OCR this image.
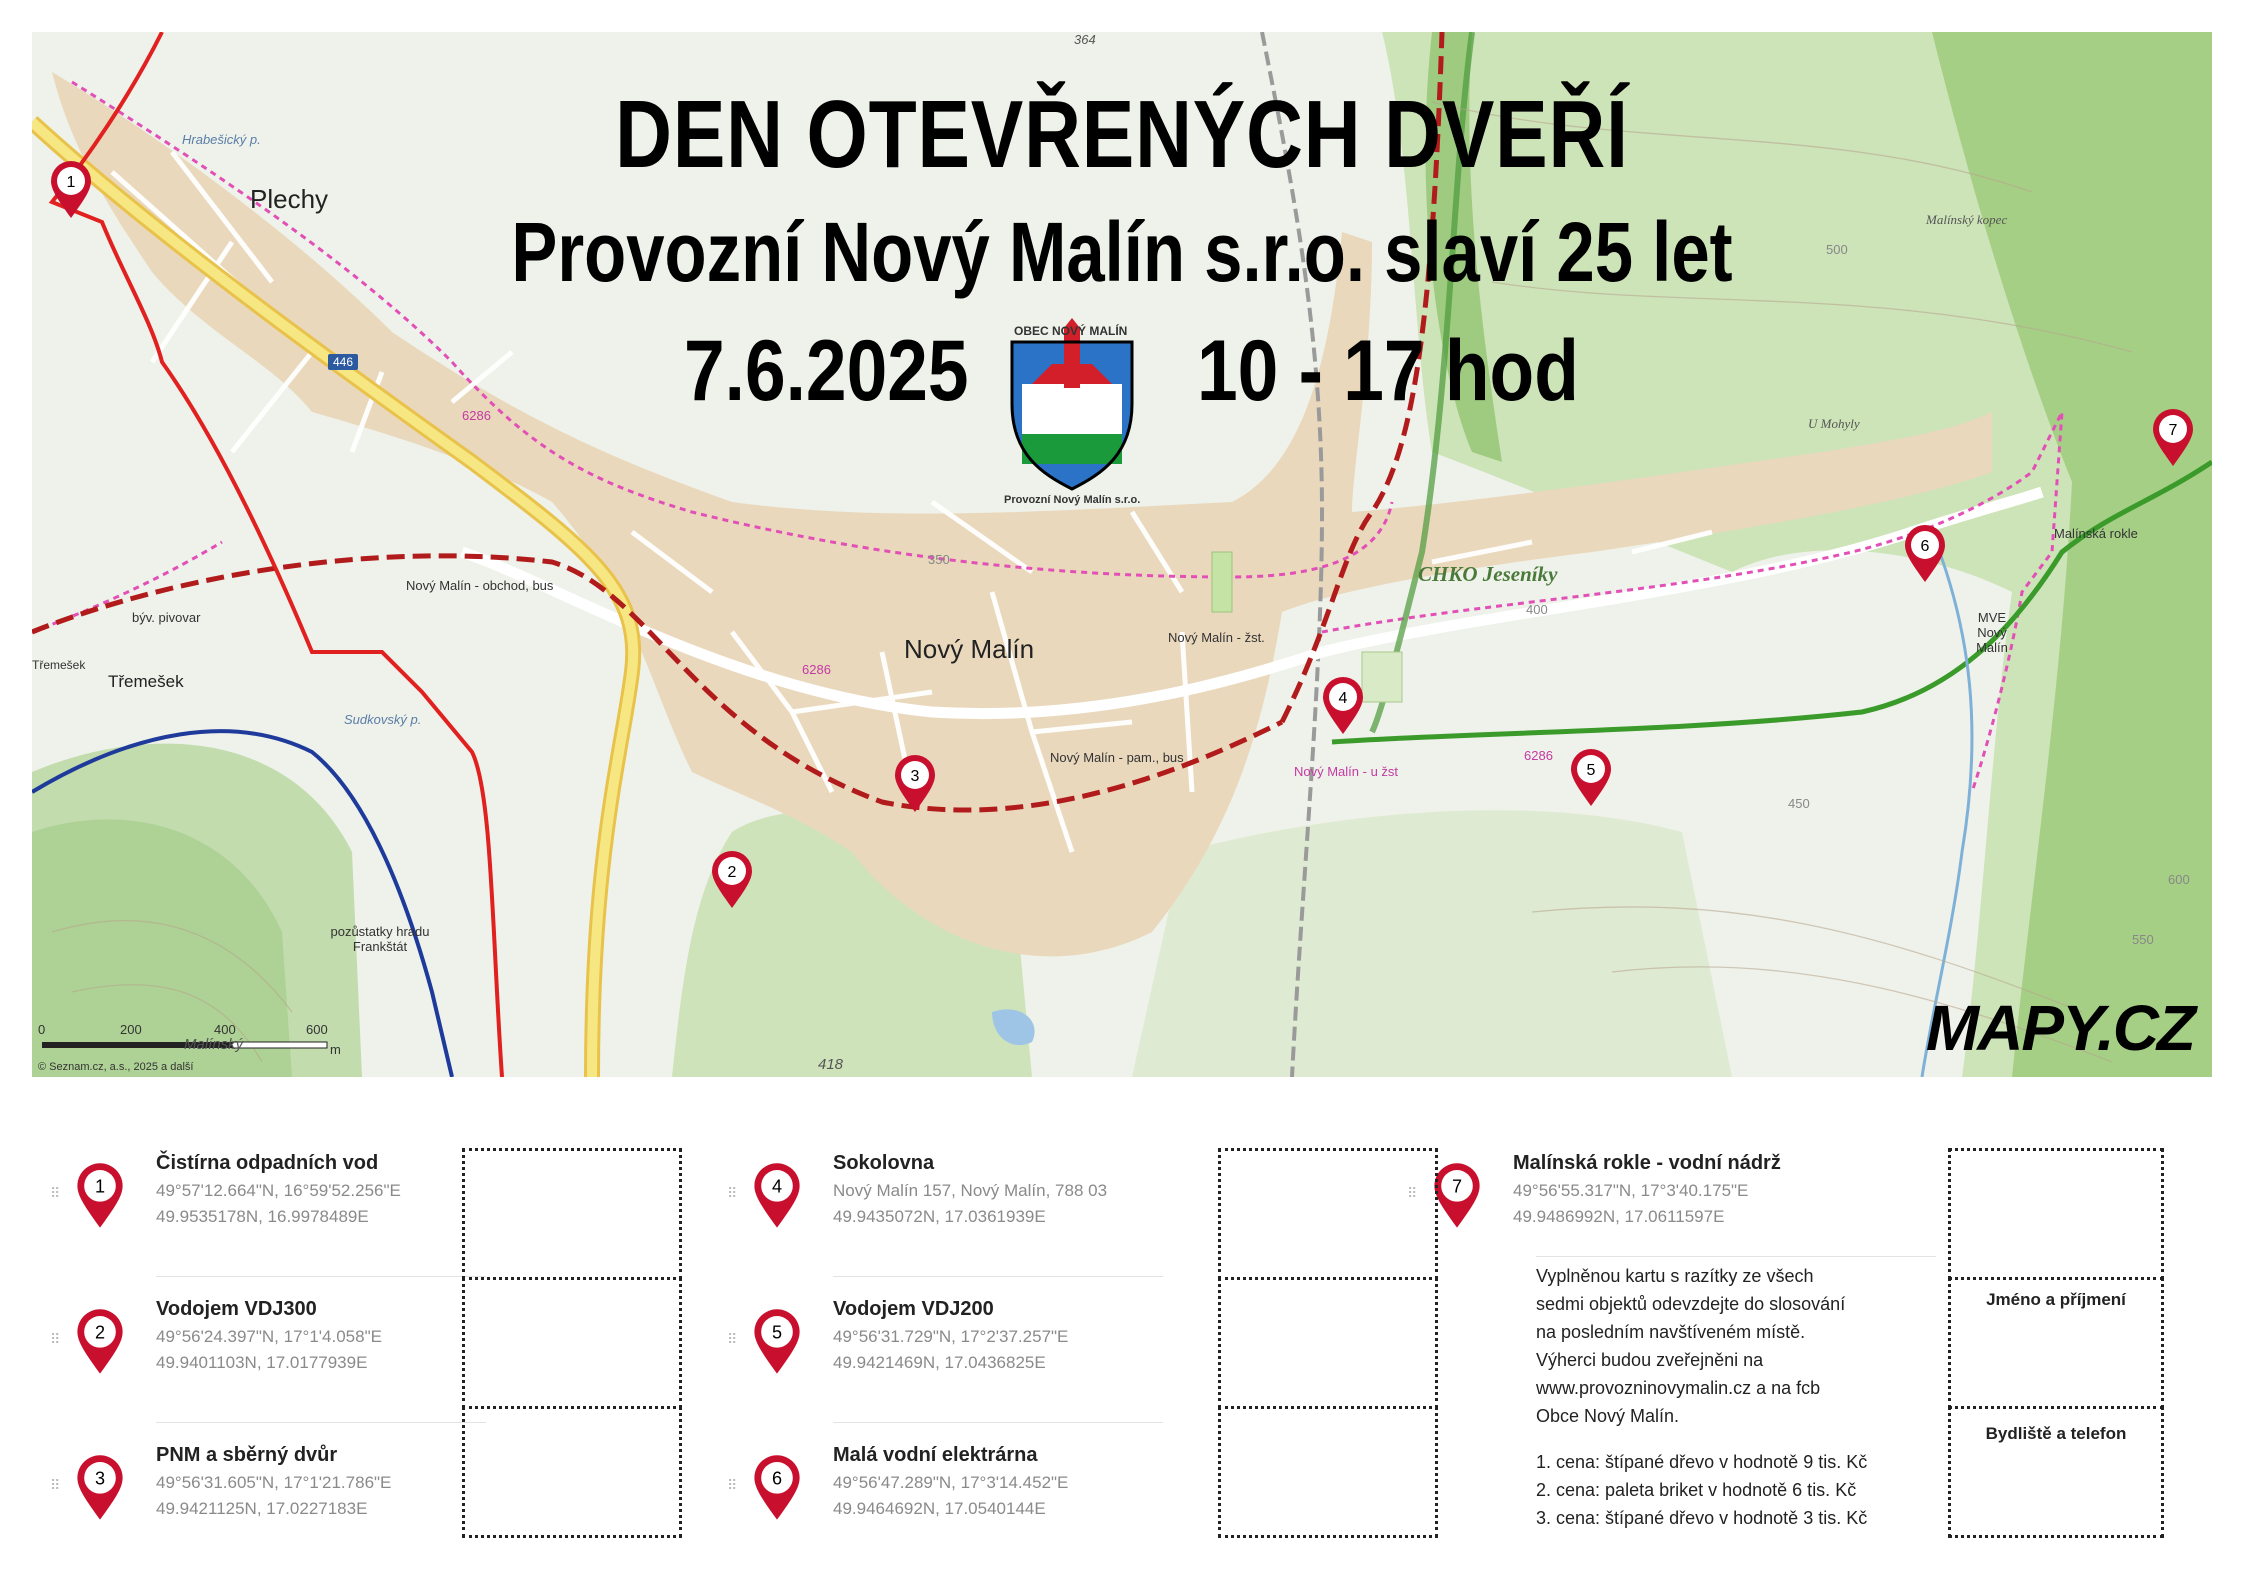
DEN OTEVŘENÝCH DVEŘÍ
Provozní Nový Malín s.r.o. slaví 25 let
7.6.2025	10 - 17 hod
OBEC NOVÝ MALÍN
Provozní Nový Malín s.r.o.
Plechy
Nový Malín
Třemešek
CHKO Jeseníky
Nový Malín - obchod, bus
Nový Malín - žst.
Nový Malín - pam., bus
Nový Malín - u žst
býv. pivovar
Třemešek
pozůstatky hradu Frankštát
Malínský kopec
U Mohyly
Malínská rokle
MVE Nový Malín
446
6286
6286
6286
364
418
350
500
400
450
600
550
Hrabešický p.
Sudkovský p.
Malínský
1
2
3
4
5
6
7
0	200	400	600
m
© Seznam.cz, a.s., 2025 a další
MAPY.CZ
⠿ 1
Čistírna odpadních vod
49°57'12.664"N, 16°59'52.256"E
49.9535178N, 16.9978489E
⠿ 2
Vodojem VDJ300
49°56'24.397"N, 17°1'4.058"E
49.9401103N, 17.0177939E
⠿ 3
PNM a sběrný dvůr
49°56'31.605"N, 17°1'21.786"E
49.9421125N, 17.0227183E
⠿ 4
Sokolovna
Nový Malín 157, Nový Malín, 788 03
49.9435072N, 17.0361939E
⠿ 5
Vodojem VDJ200
49°56'31.729"N, 17°2'37.257"E
49.9421469N, 17.0436825E
⠿ 6
Malá vodní elektrárna
49°56'47.289"N, 17°3'14.452"E
49.9464692N, 17.0540144E
⠿ 7
Malínská rokle - vodní nádrž
49°56'55.317"N, 17°3'40.175"E
49.9486992N, 17.0611597E
Jméno a příjmení
Bydliště a telefon
Vyplněnou kartu s razítky ze všech
sedmi objektů odevzdejte do slosování
na posledním navštíveném místě.
Výherci budou zveřejněni na
www.provozninovymalin.cz a na fcb
Obce Nový Malín.
1. cena: štípané dřevo v hodnotě 9 tis. Kč
2. cena: paleta briket v hodnotě 6 tis. Kč
3. cena: štípané dřevo v hodnotě 3 tis. Kč
